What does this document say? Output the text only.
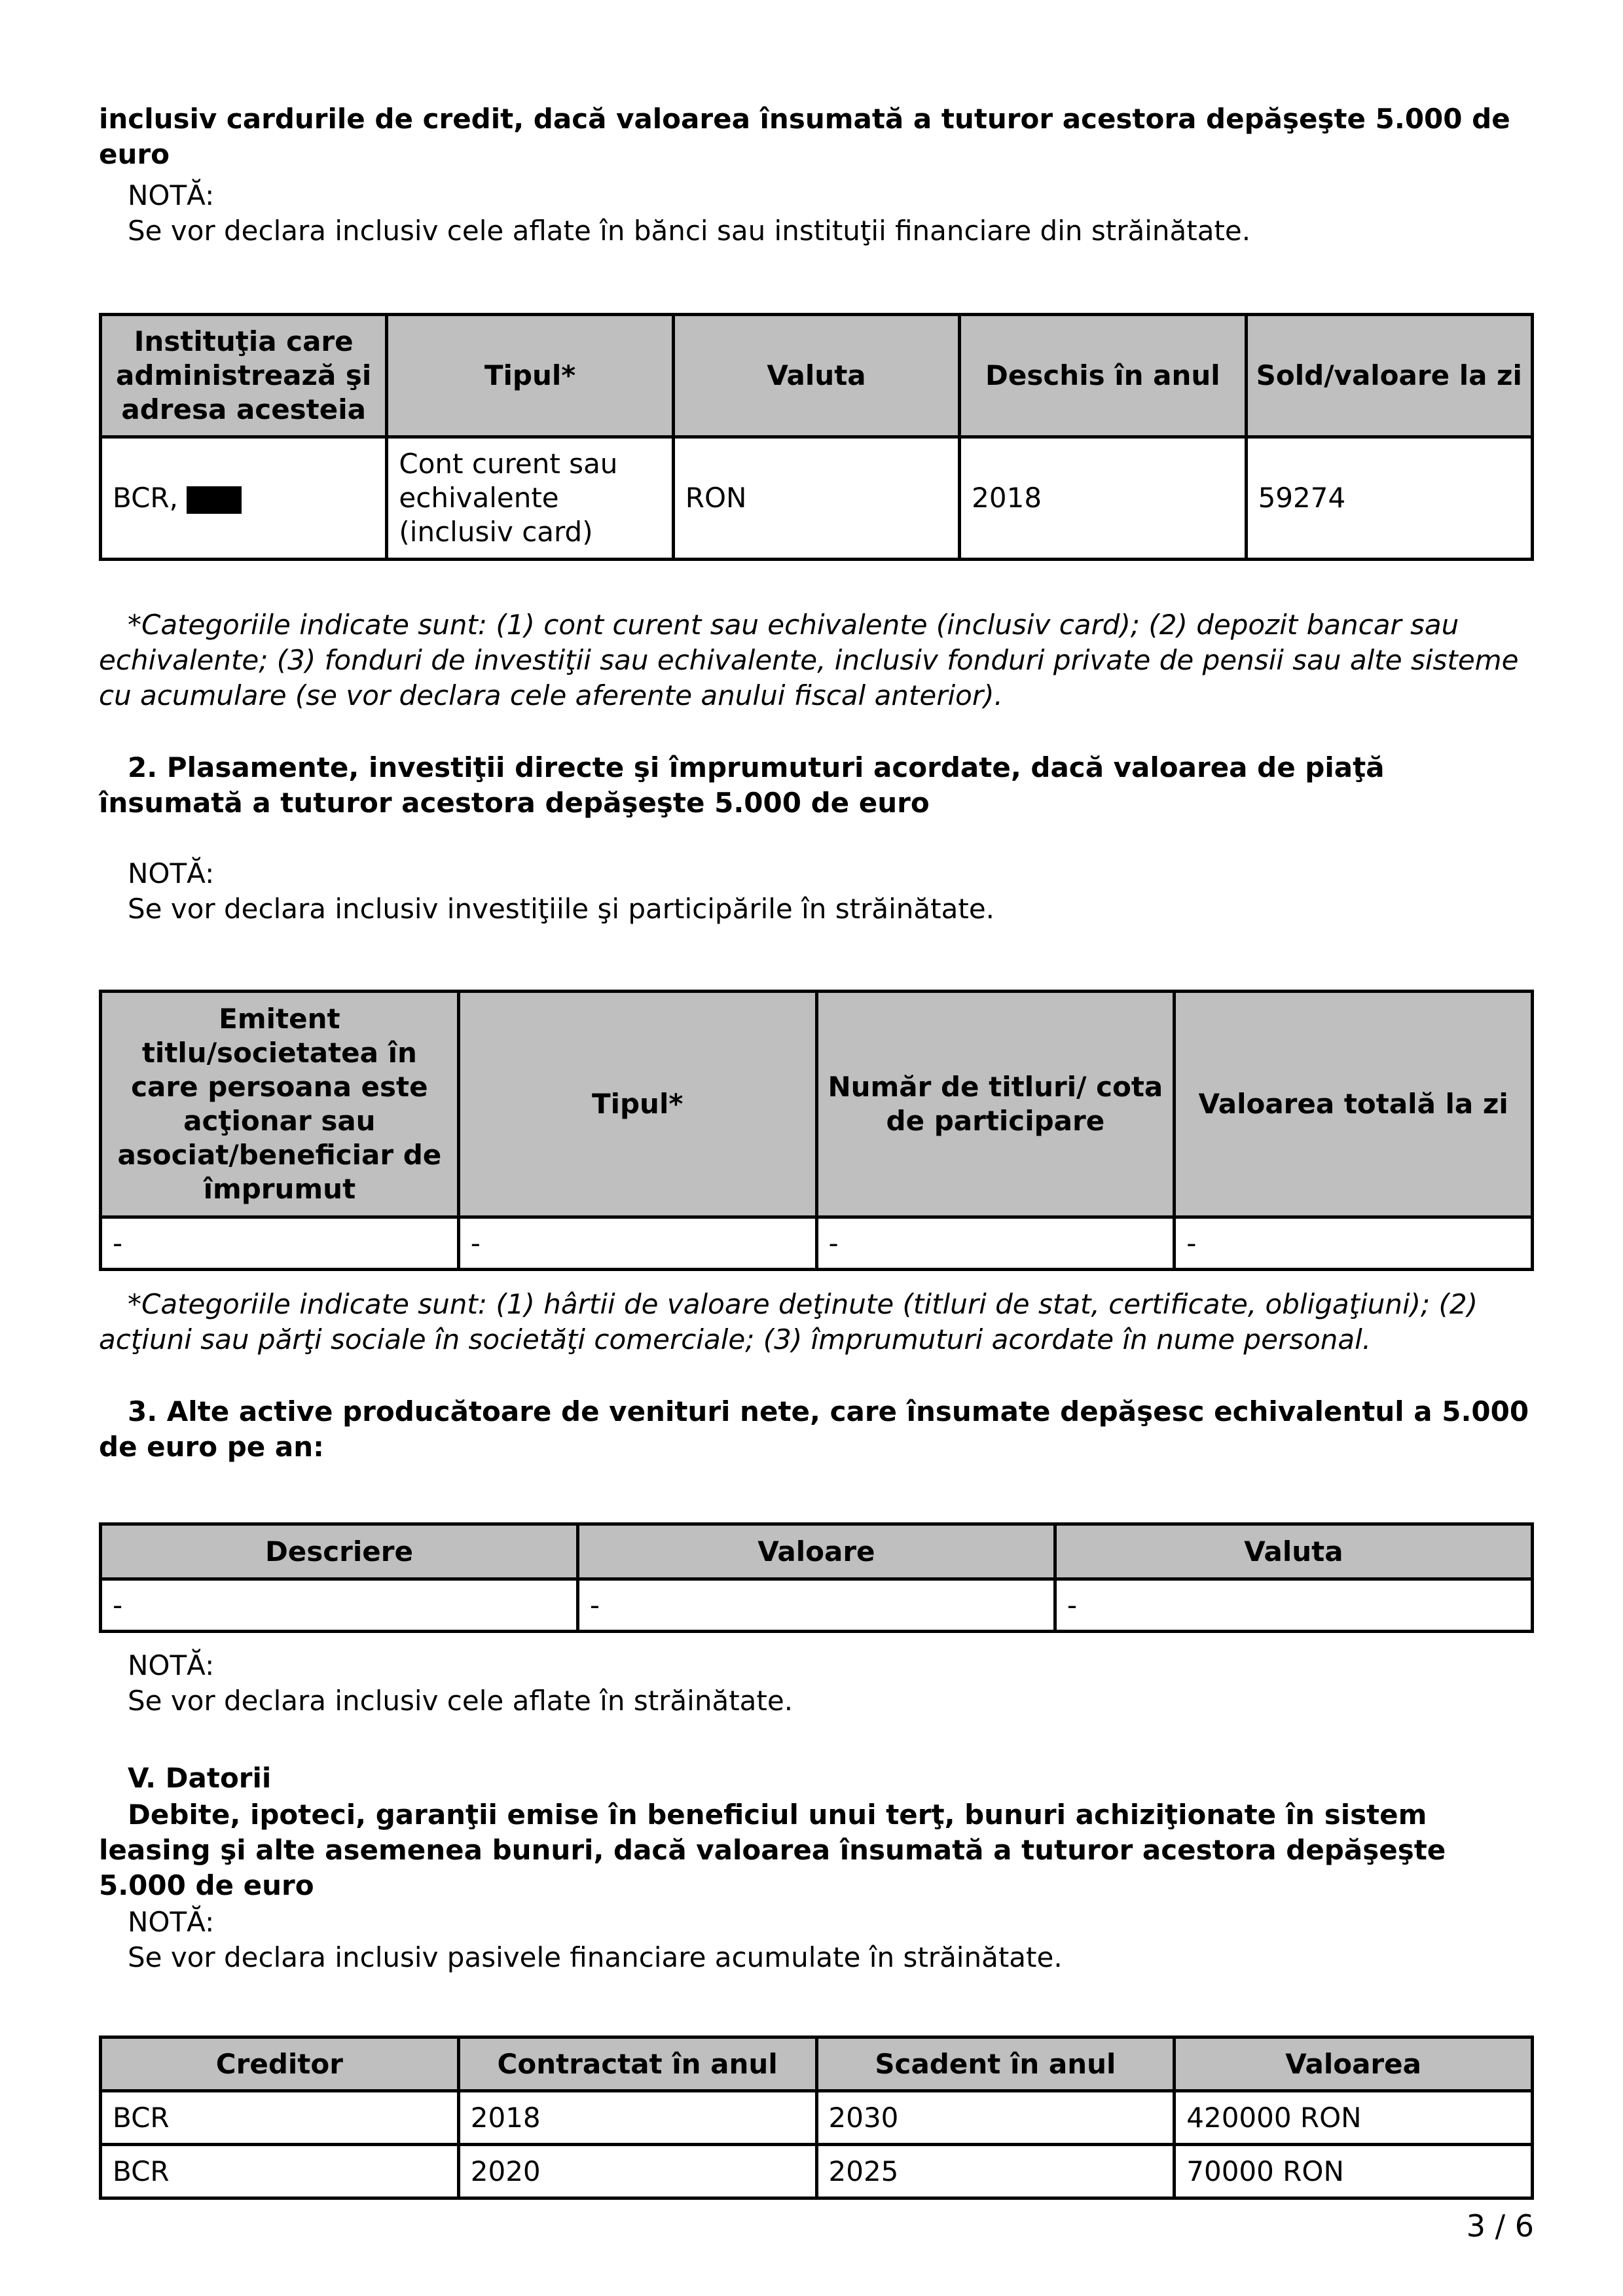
inclusiv cardurile de credit, dacă valoarea însumată a tuturor acestora depăşeşte 5.000 de euro

NOTĂ:

Se vor declara inclusiv cele aflate în bănci sau instituţii financiare din străinătate.

Instituţia care administrează şi adresa acesteia	Tipul*	Valuta	Deschis în anul	Sold/valoare la zi
BCR,	Cont curent sau echivalente (inclusiv card)	RON	2018	59274

*Categoriile indicate sunt: (1) cont curent sau echivalente (inclusiv card); (2) depozit bancar sau echivalente; (3) fonduri de investiţii sau echivalente, inclusiv fonduri private de pensii sau alte sisteme cu acumulare (se vor declara cele aferente anului fiscal anterior).

2. Plasamente, investiţii directe şi împrumuturi acordate, dacă valoarea de piaţă însumată a tuturor acestora depăşeşte 5.000 de euro

NOTĂ:

Se vor declara inclusiv investiţiile şi participările în străinătate.

Emitent titlu/societatea în care persoana este acţionar sau asociat/beneficiar de împrumut	Tipul*	Număr de titluri/ cota de participare	Valoarea totală la zi
-	-	-	-

*Categoriile indicate sunt: (1) hârtii de valoare deţinute (titluri de stat, certificate, obligaţiuni); (2) acţiuni sau părţi sociale în societăţi comerciale; (3) împrumuturi acordate în nume personal.

3. Alte active producătoare de venituri nete, care însumate depăşesc echivalentul a 5.000 de euro pe an:

Descriere	Valoare	Valuta
-	-	-

NOTĂ:

Se vor declara inclusiv cele aflate în străinătate.

V. Datorii

Debite, ipoteci, garanţii emise în beneficiul unui terţ, bunuri achiziţionate în sistem leasing şi alte asemenea bunuri, dacă valoarea însumată a tuturor acestora depăşeşte 5.000 de euro

NOTĂ:

Se vor declara inclusiv pasivele financiare acumulate în străinătate.

Creditor	Contractat în anul	Scadent în anul	Valoarea
BCR	2018	2030	420000 RON
BCR	2020	2025	70000 RON
3 / 6
